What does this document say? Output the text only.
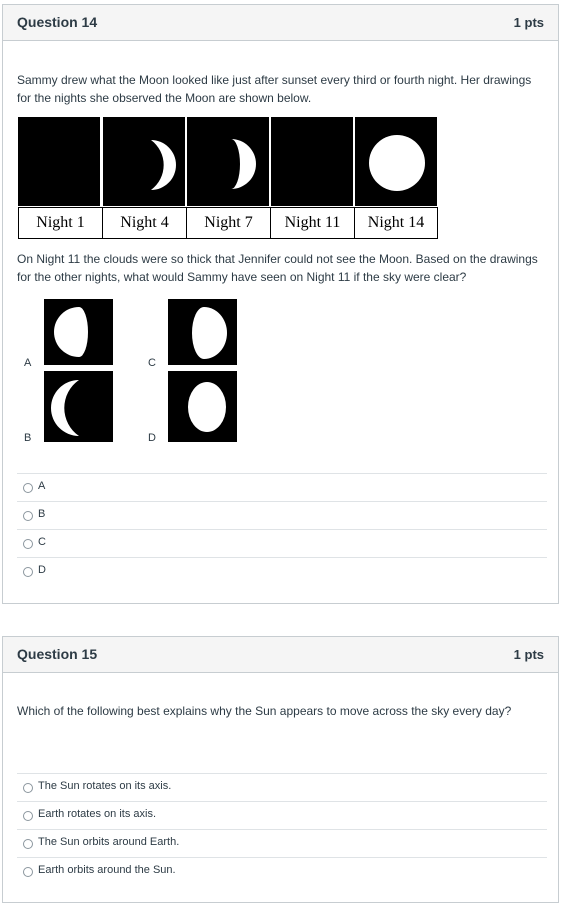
Question 14	1 pts
Sammy drew what the Moon looked like just after sunset every third or fourth night. Her drawings for the nights she observed the Moon are shown below.
Night 1	Night 4	Night 7	Night 11	Night 14
On Night 11 the clouds were so thick that Jennifer could not see the Moon. Based on the drawings for the other nights, what would Sammy have seen on Night 11 if the sky were clear?
A
B
C
D
A
B
C
D
Question 15	1 pts
Which of the following best explains why the Sun appears to move across the sky every day?
The Sun rotates on its axis.
Earth rotates on its axis.
The Sun orbits around Earth.
Earth orbits around the Sun.
